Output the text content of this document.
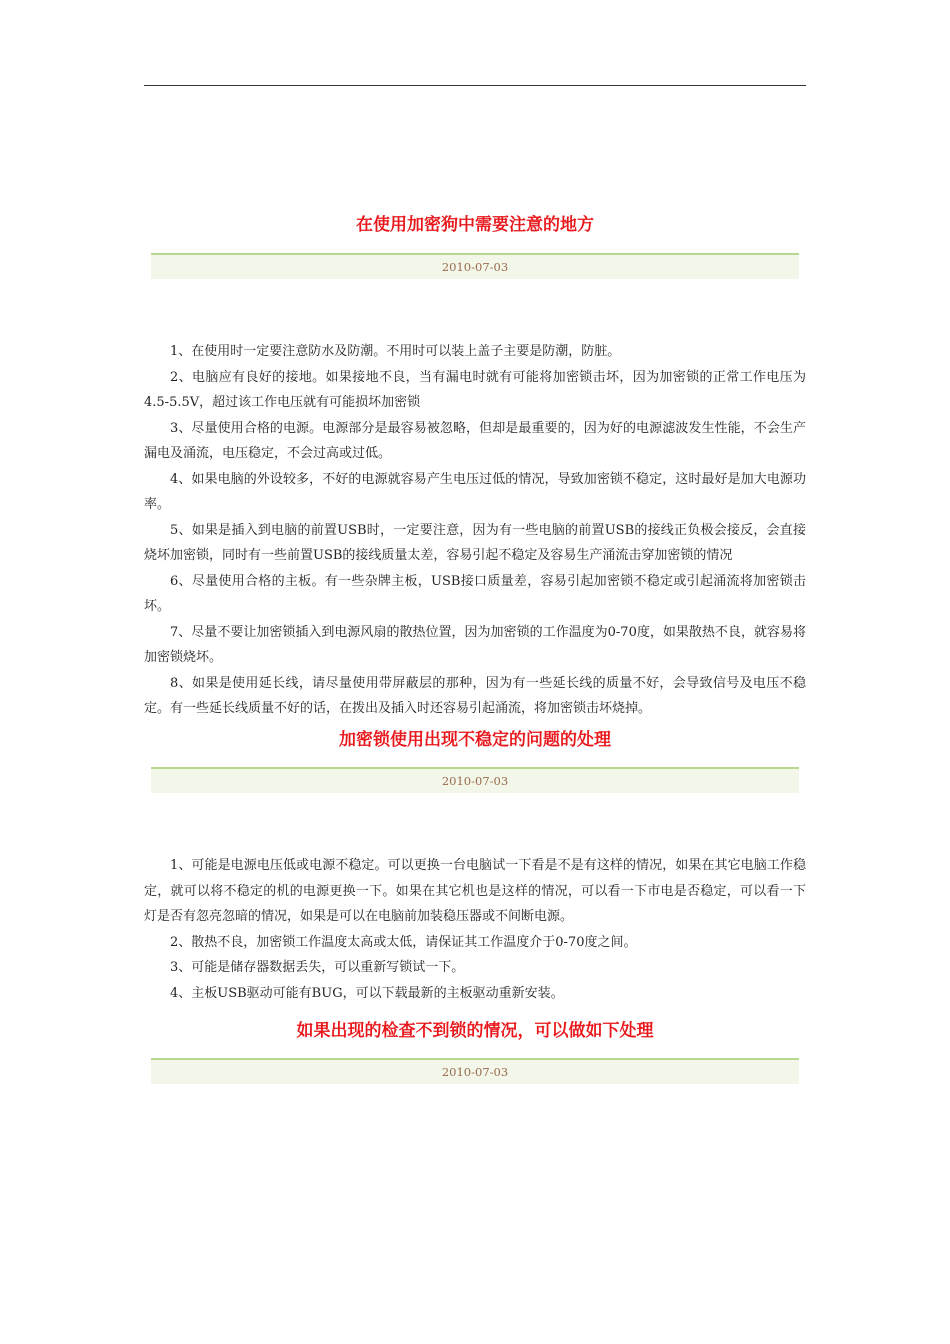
在使用加密狗中需要注意的地方
2010-07-03

1、在使用时一定要注意防水及防潮。不用时可以装上盖子主要是防潮，防脏。

2、电脑应有良好的接地。如果接地不良，当有漏电时就有可能将加密锁击坏，因为加密锁的正常工作电压为4.5-5.5V，超过该工作电压就有可能损坏加密锁

3、尽量使用合格的电源。电源部分是最容易被忽略，但却是最重要的，因为好的电源滤波发生性能，不会生产漏电及涌流，电压稳定，不会过高或过低。

4、如果电脑的外设较多，不好的电源就容易产生电压过低的情况，导致加密锁不稳定，这时最好是加大电源功率。

5、如果是插入到电脑的前置USB时，一定要注意，因为有一些电脑的前置USB的接线正负极会接反，会直接烧坏加密锁，同时有一些前置USB的接线质量太差，容易引起不稳定及容易生产涌流击穿加密锁的情况

6、尽量使用合格的主板。有一些杂牌主板，USB接口质量差，容易引起加密锁不稳定或引起涌流将加密锁击坏。

7、尽量不要让加密锁插入到电源风扇的散热位置，因为加密锁的工作温度为0-70度，如果散热不良，就容易将加密锁烧坏。

8、如果是使用延长线，请尽量使用带屏蔽层的那种，因为有一些延长线的质量不好，会导致信号及电压不稳定。有一些延长线质量不好的话，在拨出及插入时还容易引起涌流，将加密锁击坏烧掉。

加密锁使用出现不稳定的问题的处理
2010-07-03

1、可能是电源电压低或电源不稳定。可以更换一台电脑试一下看是不是有这样的情况，如果在其它电脑工作稳定，就可以将不稳定的机的电源更换一下。如果在其它机也是这样的情况，可以看一下市电是否稳定，可以看一下灯是否有忽亮忽暗的情况，如果是可以在电脑前加装稳压器或不间断电源。

2、散热不良，加密锁工作温度太高或太低，请保证其工作温度介于0-70度之间。

3、可能是储存器数据丢失，可以重新写锁试一下。

4、主板USB驱动可能有BUG，可以下载最新的主板驱动重新安装。

如果出现的检查不到锁的情况，可以做如下处理
2010-07-03
